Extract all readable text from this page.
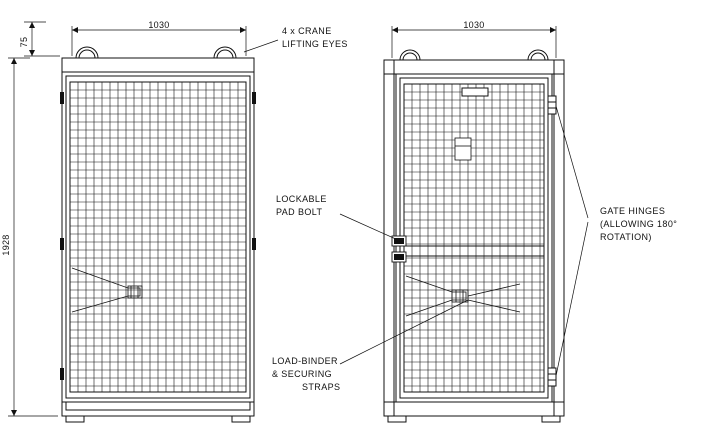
1928
75
1030	1030
4 x CRANE
LIFTING EYES
LOCKABLE
PAD BOLT	GATE HINGES
(ALLOWING 180°
ROTATION)
LOAD-BINDER
& SECURING
STRAPS
